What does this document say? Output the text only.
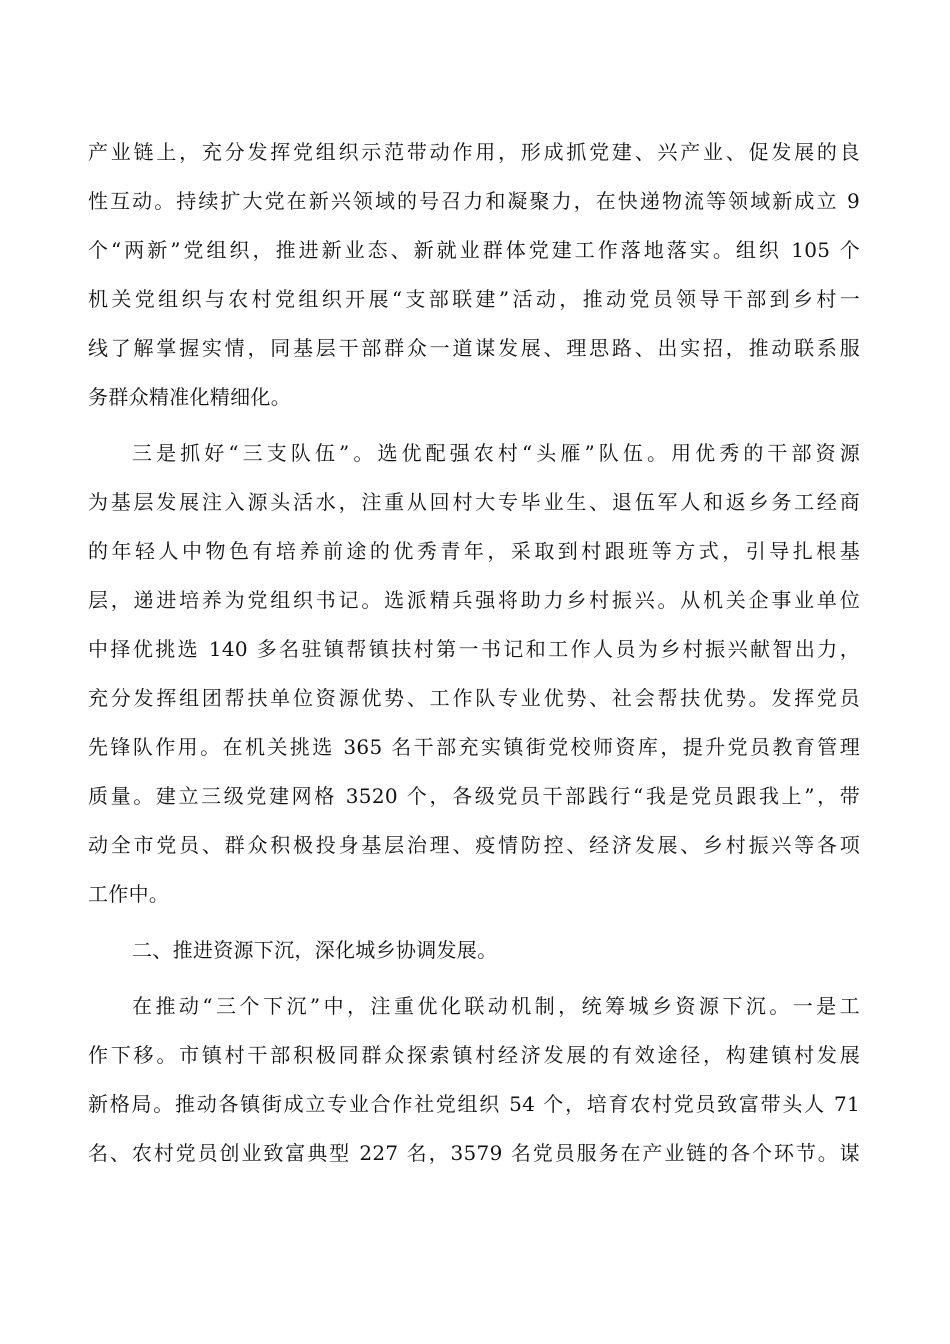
产业链上，充分发挥党组织示范带动作用，形成抓党建、兴产业、促发展的良
性互动。持续扩大党在新兴领域的号召力和凝聚力，在快递物流等领域新成立 9
个“两新”党组织，推进新业态、新就业群体党建工作落地落实。组织 105 个
机关党组织与农村党组织开展“支部联建”活动，推动党员领导干部到乡村一
线了解掌握实情，同基层干部群众一道谋发展、理思路、出实招，推动联系服
务群众精准化精细化。
三是抓好“三支队伍”。选优配强农村“头雁”队伍。用优秀的干部资源
为基层发展注入源头活水，注重从回村大专毕业生、退伍军人和返乡务工经商
的年轻人中物色有培养前途的优秀青年，采取到村跟班等方式，引导扎根基
层，递进培养为党组织书记。选派精兵强将助力乡村振兴。从机关企事业单位
中择优挑选 140 多名驻镇帮镇扶村第一书记和工作人员为乡村振兴献智出力，
充分发挥组团帮扶单位资源优势、工作队专业优势、社会帮扶优势。发挥党员
先锋队作用。在机关挑选 365 名干部充实镇街党校师资库，提升党员教育管理
质量。建立三级党建网格 3520 个，各级党员干部践行“我是党员跟我上”，带
动全市党员、群众积极投身基层治理、疫情防控、经济发展、乡村振兴等各项
工作中。
二、推进资源下沉，深化城乡协调发展。
在推动“三个下沉”中，注重优化联动机制，统筹城乡资源下沉。一是工
作下移。市镇村干部积极同群众探索镇村经济发展的有效途径，构建镇村发展
新格局。推动各镇街成立专业合作社党组织 54 个，培育农村党员致富带头人 71
名、农村党员创业致富典型 227 名，3579 名党员服务在产业链的各个环节。谋
